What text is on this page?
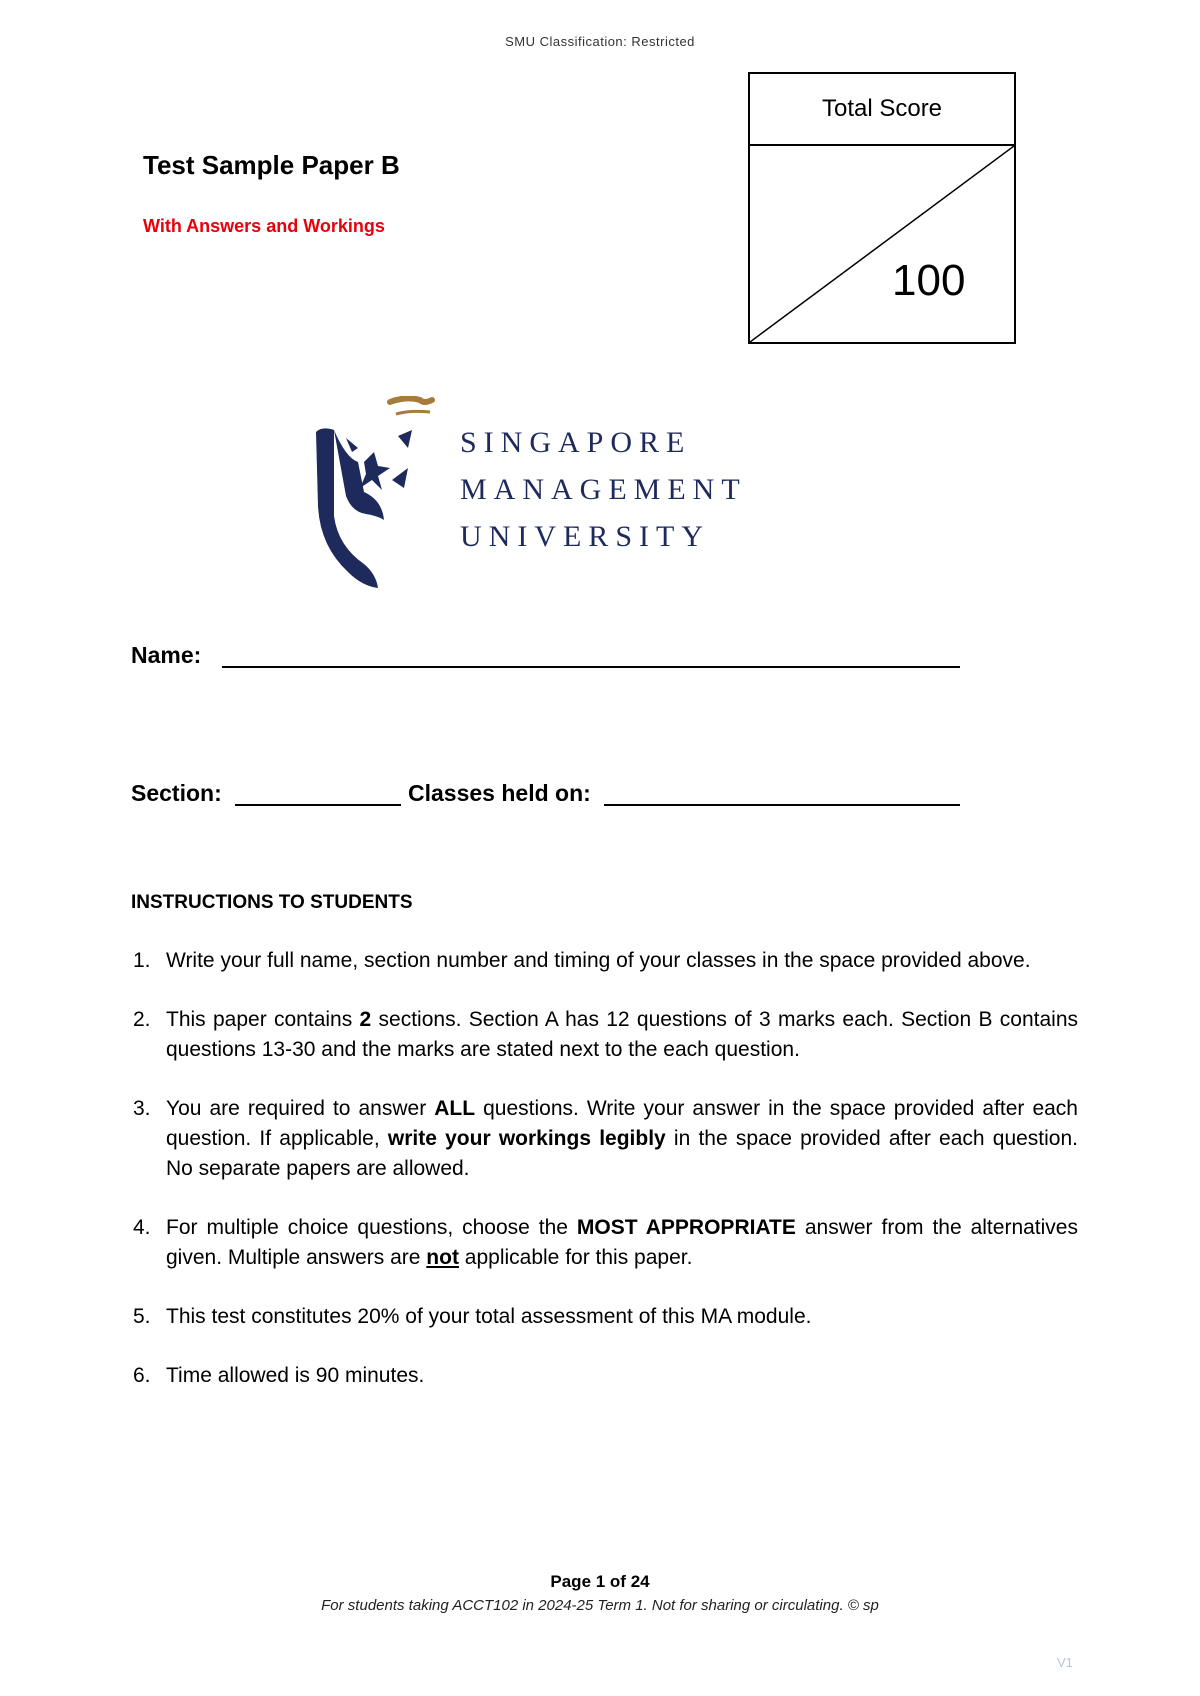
SMU Classification: Restricted
Test Sample Paper B
With Answers and Workings
Total Score
100
SINGAPORE
MANAGEMENT
UNIVERSITY
Name:
Section:	Classes held on:
INSTRUCTIONS TO STUDENTS
1. Write your full name, section number and timing of your classes in the space provided above.
2. This paper contains 2 sections. Section A has 12 questions of 3 marks each. Section B contains questions 13-30 and the marks are stated next to the each question.
3. You are required to answer ALL questions. Write your answer in the space provided after each question. If applicable, write your workings legibly in the space provided after each question. No separate papers are allowed.
4. For multiple choice questions, choose the MOST APPROPRIATE answer from the alternatives given. Multiple answers are not applicable for this paper.
5. This test constitutes 20% of your total assessment of this MA module.
6. Time allowed is 90 minutes.
Page 1 of 24
For students taking ACCT102 in 2024-25 Term 1. Not for sharing or circulating. © sp
V1
